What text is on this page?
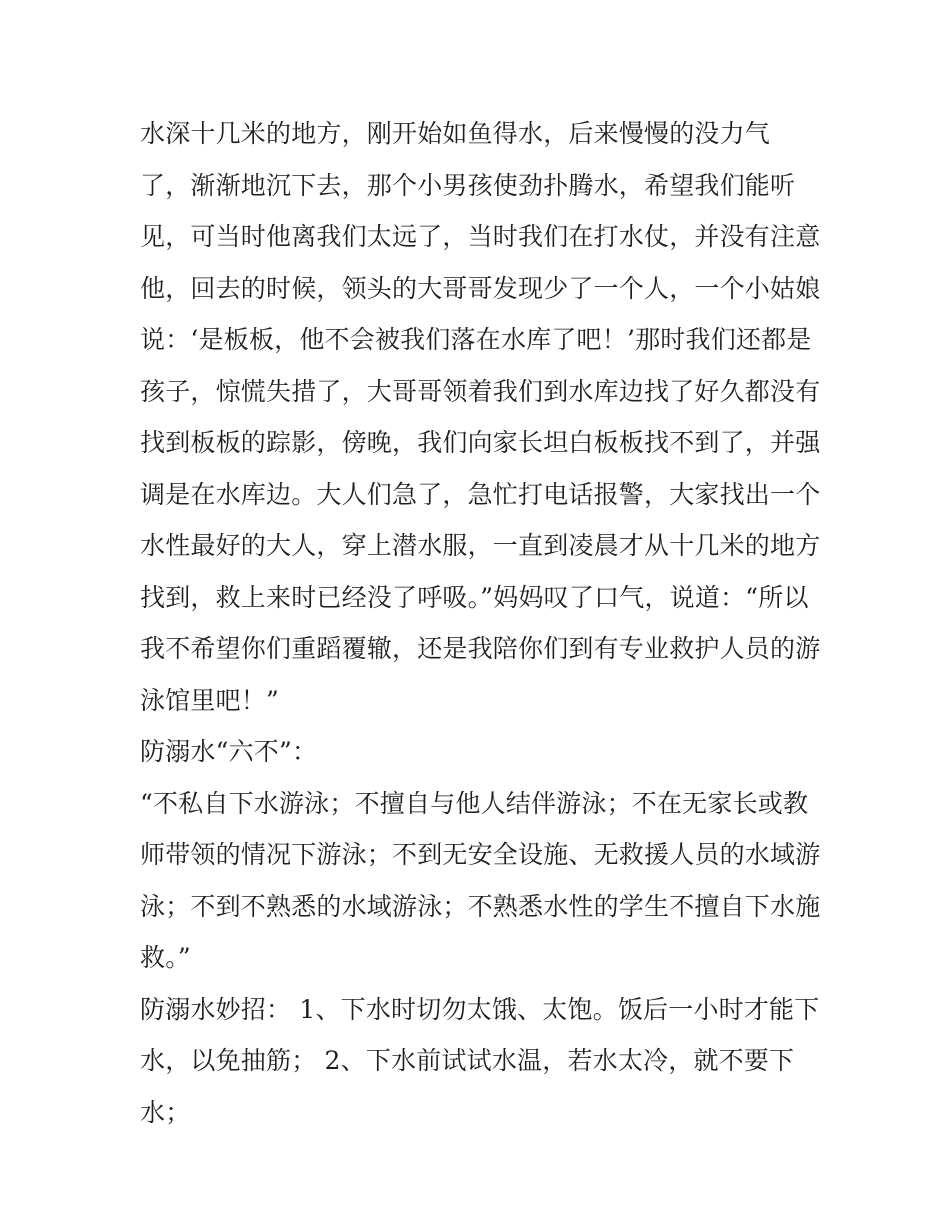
水深十几米的地方，刚开始如鱼得水，后来慢慢的没力气
了，渐渐地沉下去，那个小男孩使劲扑腾水，希望我们能听
见，可当时他离我们太远了，当时我们在打水仗，并没有注意
他，回去的时候，领头的大哥哥发现少了一个人，一个小姑娘
说：‘是板板，他不会被我们落在水库了吧！’那时我们还都是
孩子，惊慌失措了，大哥哥领着我们到水库边找了好久都没有
找到板板的踪影，傍晚，我们向家长坦白板板找不到了，并强
调是在水库边。大人们急了，急忙打电话报警，大家找出一个
水性最好的大人，穿上潜水服，一直到凌晨才从十几米的地方
找到，救上来时已经没了呼吸。”妈妈叹了口气，说道：“所以
我不希望你们重蹈覆辙，还是我陪你们到有专业救护人员的游
泳馆里吧！”
防溺水“六不”：
“不私自下水游泳；不擅自与他人结伴游泳；不在无家长或教
师带领的情况下游泳；不到无安全设施、无救援人员的水域游
泳；不到不熟悉的水域游泳；不熟悉水性的学生不擅自下水施
救。”
防溺水妙招： 1、下水时切勿太饿、太饱。饭后一小时才能下
水，以免抽筋； 2、下水前试试水温，若水太冷，就不要下
水；
